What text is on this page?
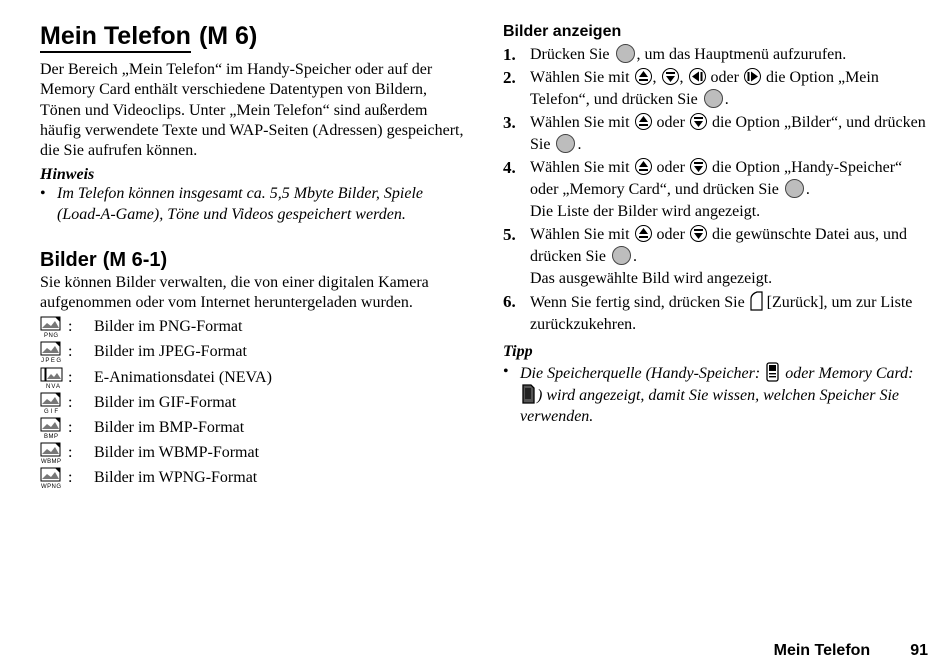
Mein Telefon (M 6)

Der Bereich „Mein Telefon“ im Handy-Speicher oder auf der Memory Card enthält verschiedene Datentypen von Bildern, Tönen und Videoclips. Unter „Mein Telefon“ sind außerdem häufig verwendete Texte und WAP-Seiten (Adressen) gespeichert, die Sie aufrufen können.

Hinweis
• Im Telefon können insgesamt ca. 5,5 Mbyte Bilder, Spiele (Load-A-Game), Töne und Videos gespeichert werden.
Bilder (M 6-1)

Sie können Bilder verwalten, die von einer digitalen Kamera aufgenommen oder vom Internet heruntergeladen wurden.

PNG
:	Bilder im PNG-Format
JPEG
:	Bilder im JPEG-Format
NVA
:	E-Animationsdatei (NEVA)
GIF
:	Bilder im GIF-Format
BMP
:	Bilder im BMP-Format
WBMP
:	Bilder im WBMP-Format
WPNG
:	Bilder im WPNG-Format
Bilder anzeigen
1. Drücken Sie , um das Hauptmenü aufzurufen.
2. Wählen Sie mit , , oder die Option „Mein Telefon“, und drücken Sie .
3. Wählen Sie mit oder die Option „Bilder“, und drücken Sie .
4. Wählen Sie mit oder die Option „Handy-Speicher“ oder „Memory Card“, und drücken Sie .
Die Liste der Bilder wird angezeigt.
5. Wählen Sie mit oder die gewünschte Datei aus, und drücken Sie .
Das ausgewählte Bild wird angezeigt.
6. Wenn Sie fertig sind, drücken Sie [Zurück], um zur Liste zurückzukehren.
Tipp
• Die Speicherquelle (Handy-Speicher: oder Memory Card: ) wird angezeigt, damit Sie wissen, welchen Speicher Sie verwenden.
Mein Telefon	91
